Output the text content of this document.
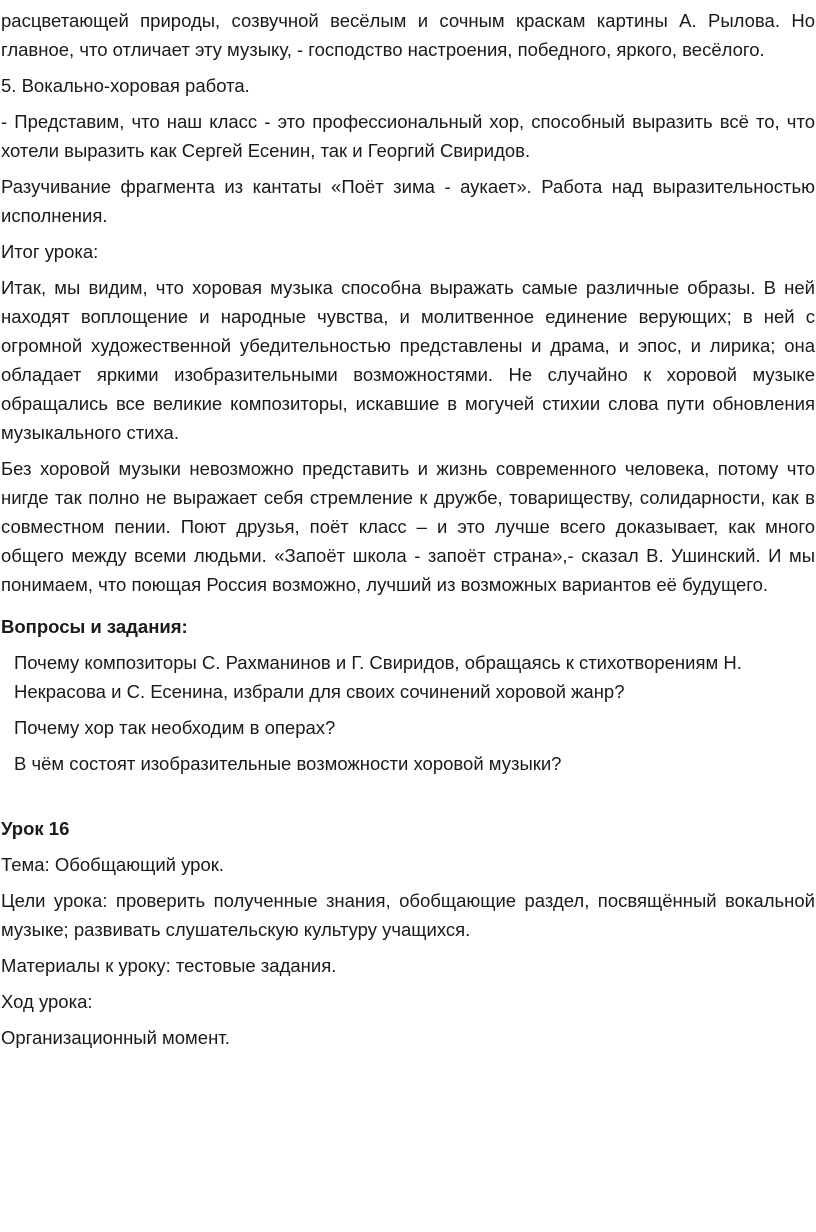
расцветающей природы, созвучной весёлым и сочным краскам картины А. Рылова. Но главное, что отличает эту музыку, - господство настроения, победного, яркого, весёлого.

5. Вокально-хоровая работа.

- Представим, что наш класс - это профессиональный хор, способный выразить всё то, что хотели выразить как Сергей Есенин, так и Георгий Свиридов.

Разучивание фрагмента из кантаты «Поёт зима - аукает». Работа над выразительностью исполнения.

Итог урока:

Итак, мы видим, что хоровая музыка способна выражать самые различные образы. В ней находят воплощение и народные чувства, и молитвенное единение верующих; в ней с огромной художественной убедительностью представлены и драма, и эпос, и лирика; она обладает яркими изобразительными возможностями. Не случайно к хоровой музыке обращались все великие композиторы, искавшие в могучей стихии слова пути обновления музыкального стиха.

Без хоровой музыки невозможно представить и жизнь современного человека, потому что нигде так полно не выражает себя стремление к дружбе, товариществу, солидарности, как в совместном пении. Поют друзья, поёт класс – и это лучше всего доказывает, как много общего между всеми людьми. «Запоёт школа - запоёт страна»,- сказал В. Ушинский. И мы понимаем, что поющая Россия возможно, лучший из возможных вариантов её будущего.

Вопросы и задания:

Почему композиторы С. Рахманинов и Г. Свиридов, обращаясь к стихотворениям Н. Некрасова и С. Есенина, избрали для своих сочинений хоровой жанр?

Почему хор так необходим в операх?

В чём состоят изобразительные возможности хоровой музыки?

Урок 16

Тема: Обобщающий урок.

Цели урока: проверить полученные знания, обобщающие раздел, посвящённый вокальной музыке; развивать слушательскую культуру учащихся.

Материалы к уроку: тестовые задания.

Ход урока:

Организационный момент.
